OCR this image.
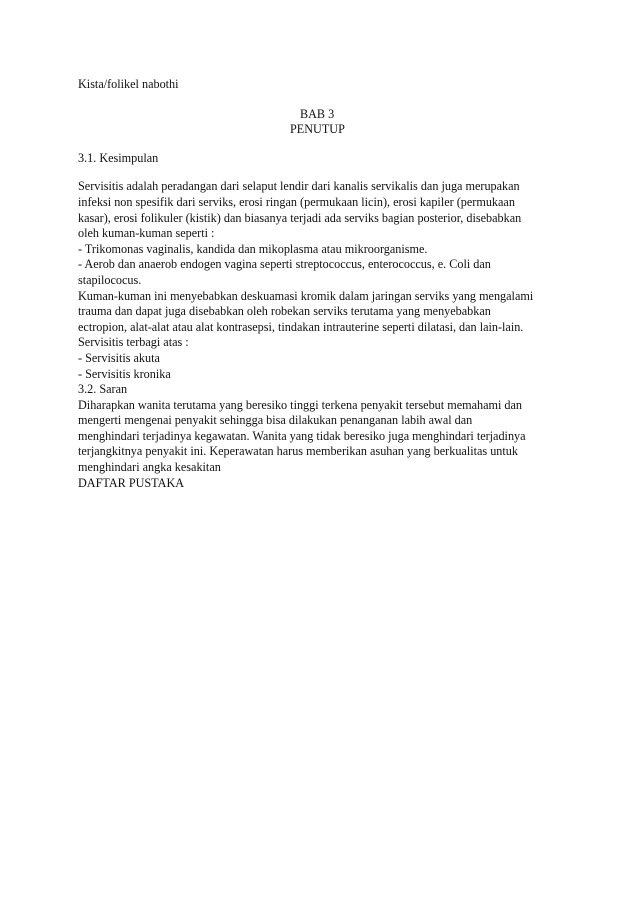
Kista/folikel nabothi
BAB 3
PENUTUP
3.1. Kesimpulan
Servisitis adalah peradangan dari selaput lendir dari kanalis servikalis dan juga merupakan
infeksi non spesifik dari serviks, erosi ringan (permukaan licin), erosi kapiler (permukaan
kasar), erosi folikuler (kistik) dan biasanya terjadi ada serviks bagian posterior, disebabkan
oleh kuman-kuman seperti :
- Trikomonas vaginalis, kandida dan mikoplasma atau mikroorganisme.
- Aerob dan anaerob endogen vagina seperti streptococcus, enterococcus, e. Coli dan
stapilococus.
Kuman-kuman ini menyebabkan deskuamasi kromik dalam jaringan serviks yang mengalami
trauma dan dapat juga disebabkan oleh robekan serviks terutama yang menyebabkan
ectropion, alat-alat atau alat kontrasepsi, tindakan intrauterine seperti dilatasi, dan lain-lain.
Servisitis terbagi atas :
- Servisitis akuta
- Servisitis kronika
3.2. Saran
Diharapkan wanita terutama yang beresiko tinggi terkena penyakit tersebut memahami dan
mengerti mengenai penyakit sehingga bisa dilakukan penanganan labih awal dan
menghindari terjadinya kegawatan. Wanita yang tidak beresiko juga menghindari terjadinya
terjangkitnya penyakit ini. Keperawatan harus memberikan asuhan yang berkualitas untuk
menghindari angka kesakitan
DAFTAR PUSTAKA
